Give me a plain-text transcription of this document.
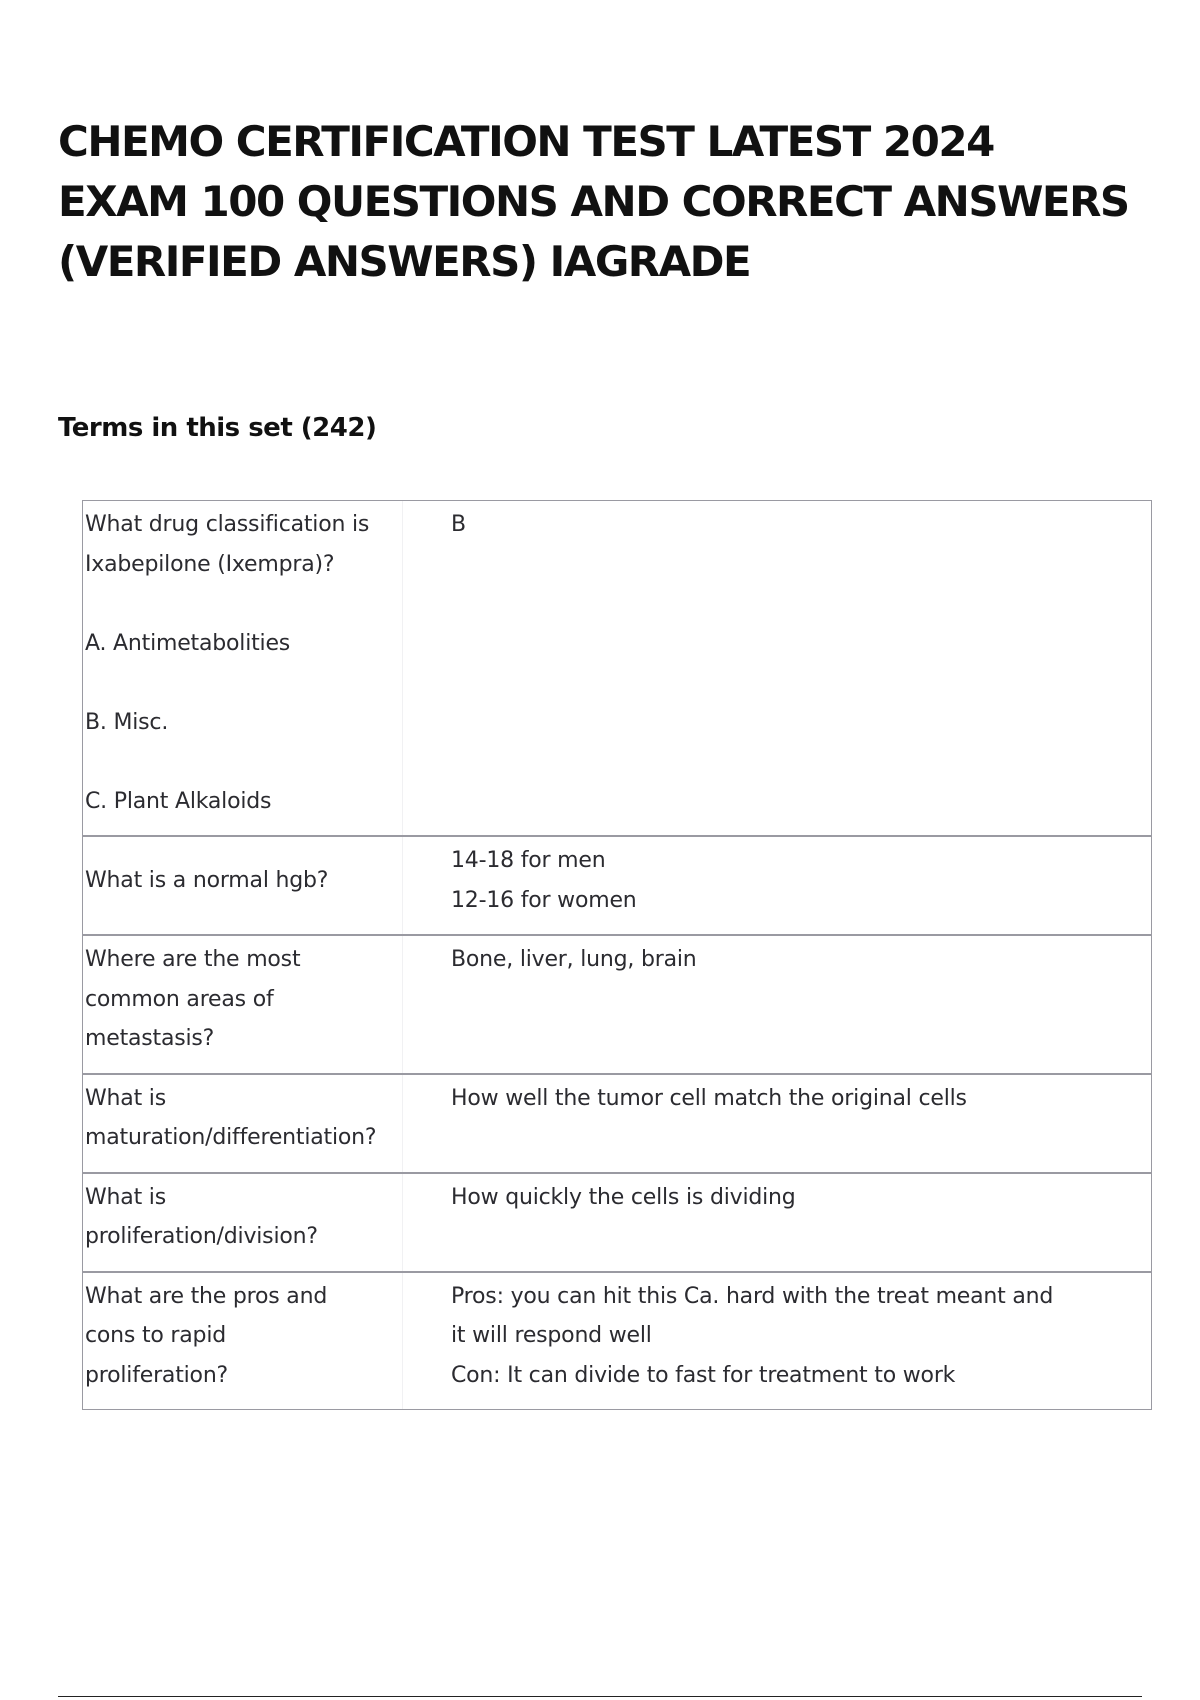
CHEMO CERTIFICATION TEST LATEST 2024
EXAM 100 QUESTIONS AND CORRECT ANSWERS
(VERIFIED ANSWERS) IAGRADE
Terms in this set (242)
What drug classification is
Ixabepilone (Ixempra)?
A. Antimetabolities
B. Misc.
C. Plant Alkaloids
B
What is a normal hgb?
14-18 for men
12-16 for women
Where are the most
common areas of
metastasis?
Bone, liver, lung, brain
What is
maturation/differentiation?
How well the tumor cell match the original cells
What is
proliferation/division?
How quickly the cells is dividing
What are the pros and
cons to rapid
proliferation?
Pros: you can hit this Ca. hard with the treat meant and
it will respond well
Con: It can divide to fast for treatment to work
